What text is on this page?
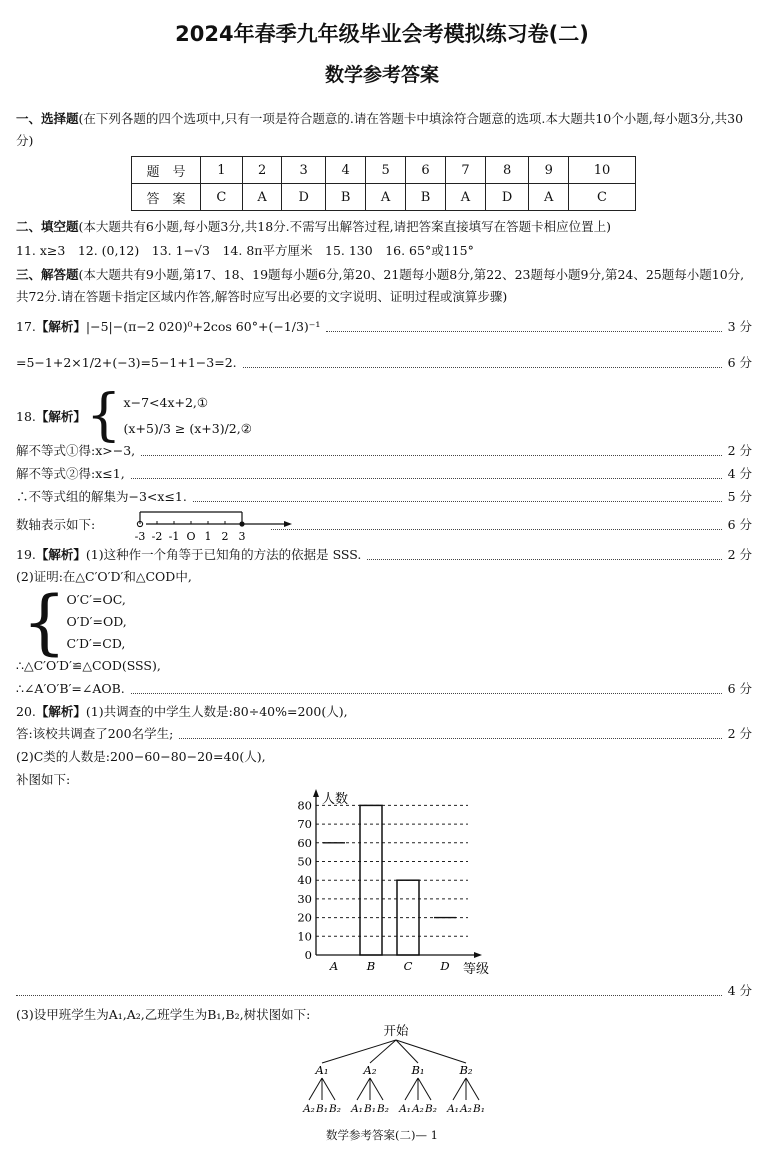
2024年春季九年级毕业会考模拟练习卷(二)
数学参考答案
一、选择题(在下列各题的四个选项中,只有一项是符合题意的.请在答题卡中填涂符合题意的选项.本大题共10个小题,每小题3分,共30分)
题　号	1	2	3	4	5	6	7	8	9	10
答　案	C	A	D	B	A	B	A	D	A	C
二、填空题(本大题共有6小题,每小题3分,共18分.不需写出解答过程,请把答案直接填写在答题卡相应位置上)
11. x≥3　12. (0,12)　13. 1−√3　14. 8π平方厘米　15. 130　16. 65°或115°
三、解答题(本大题共有9小题,第17、18、19题每小题6分,第20、21题每小题8分,第22、23题每小题9分,第24、25题每小题10分,共72分.请在答题卡指定区域内作答,解答时应写出必要的文字说明、证明过程或演算步骤)
17.【解析】|−5|−(π−2 020)⁰+2cos 60°+(−1/3)⁻¹	3 分
=5−1+2×1/2+(−3)=5−1+1−3=2.	6 分
18. 【解析】 { x−7<4x+2,①
(x+5)/3 ≥ (x+3)/2,②
解不等式①得:x>−3,	2 分
解不等式②得:x≤1,	4 分
∴不等式组的解集为−3<x≤1.	5 分
数轴表示如下:	6 分
-3 -2 -1 O 1 2 3
19.【解析】(1)这种作一个角等于已知角的方法的依据是 SSS.	2 分
(2)证明:在△C′O′D′和△COD中,
{ O′C′=OC,
O′D′=OD,
C′D′=CD,
∴△C′O′D′≌△COD(SSS),
∴∠A′O′B′=∠AOB.	6 分
20.【解析】(1)共调查的中学生人数是:80÷40%=200(人),
答:该校共调查了200名学生;	2 分
(2)C类的人数是:200−60−80−20=40(人),
补图如下:
人数
等级
0
10
20
30
40
50
60
70
80
A B C D
4 分
(3)设甲班学生为A₁,A₂,乙班学生为B₁,B₂,树状图如下:
开始
A₁	A₂	B₁	B₂
A₂ B₁ B₂ A₁ B₁ B₂ A₁ A₂ B₂ A₁ A₂ B₁
数学参考答案(二)— 1
